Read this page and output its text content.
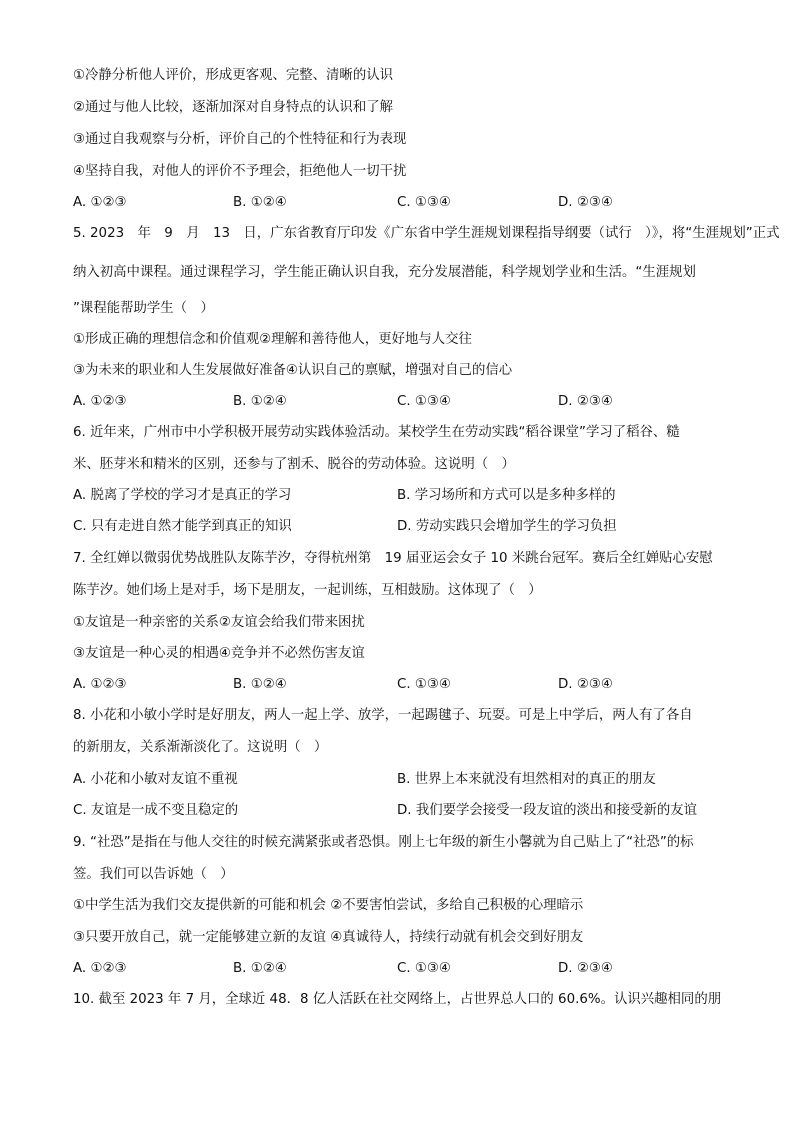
①冷静分析他人评价，形成更客观、完整、清晰的认识
②通过与他人比较，逐渐加深对自身特点的认识和了解
③通过自我观察与分析，评价自己的个性特征和行为表现
④坚持自我，对他人的评价不予理会，拒绝他人一切干扰
A. ①②③	B. ①②④	C. ①③④	D. ②③④
5. 2023　年　9　月　13　日，广东省教育厅印发《广东省中学生涯规划课程指导纲要（试行　）》，将“生涯规划”正式
纳入初高中课程。通过课程学习，学生能正确认识自我，充分发展潜能，科学规划学业和生活。“生涯规划
”课程能帮助学生（　）
①形成正确的理想信念和价值观②理解和善待他人，更好地与人交往
③为未来的职业和人生发展做好准备④认识自己的禀赋，增强对自己的信心
A. ①②③	B. ①②④	C. ①③④	D. ②③④
6. 近年来，广州市中小学积极开展劳动实践体验活动。某校学生在劳动实践“稻谷课堂”学习了稻谷、糙
米、胚芽米和精米的区别，还参与了割禾、脱谷的劳动体验。这说明（　）
A. 脱离了学校的学习才是真正的学习	B. 学习场所和方式可以是多种多样的
C. 只有走进自然才能学到真正的知识	D. 劳动实践只会增加学生的学习负担
7. 全红婵以微弱优势战胜队友陈芋汐，夺得杭州第　19 届亚运会女子 10 米跳台冠军。赛后全红婵贴心安慰
陈芋汐。她们场上是对手，场下是朋友，一起训练，互相鼓励。这体现了（　）
①友谊是一种亲密的关系②友谊会给我们带来困扰
③友谊是一种心灵的相遇④竞争并不必然伤害友谊
A. ①②③	B. ①②④	C. ①③④	D. ②③④
8. 小花和小敏小学时是好朋友，两人一起上学、放学，一起踢毽子、玩耍。可是上中学后，两人有了各自
的新朋友，关系渐渐淡化了。这说明（　）
A. 小花和小敏对友谊不重视	B. 世界上本来就没有坦然相对的真正的朋友
C. 友谊是一成不变且稳定的	D. 我们要学会接受一段友谊的淡出和接受新的友谊
9. “社恐”是指在与他人交往的时候充满紧张或者恐惧。刚上七年级的新生小馨就为自己贴上了“社恐”的标
签。我们可以告诉她（　）
①中学生活为我们交友提供新的可能和机会 ②不要害怕尝试，多给自己积极的心理暗示
③只要开放自己，就一定能够建立新的友谊 ④真诚待人，持续行动就有机会交到好朋友
A. ①②③	B. ①②④	C. ①③④	D. ②③④
10. 截至 2023 年 7 月，全球近 48．8 亿人活跃在社交网络上，占世界总人口的 60.6%。认识兴趣相同的朋
